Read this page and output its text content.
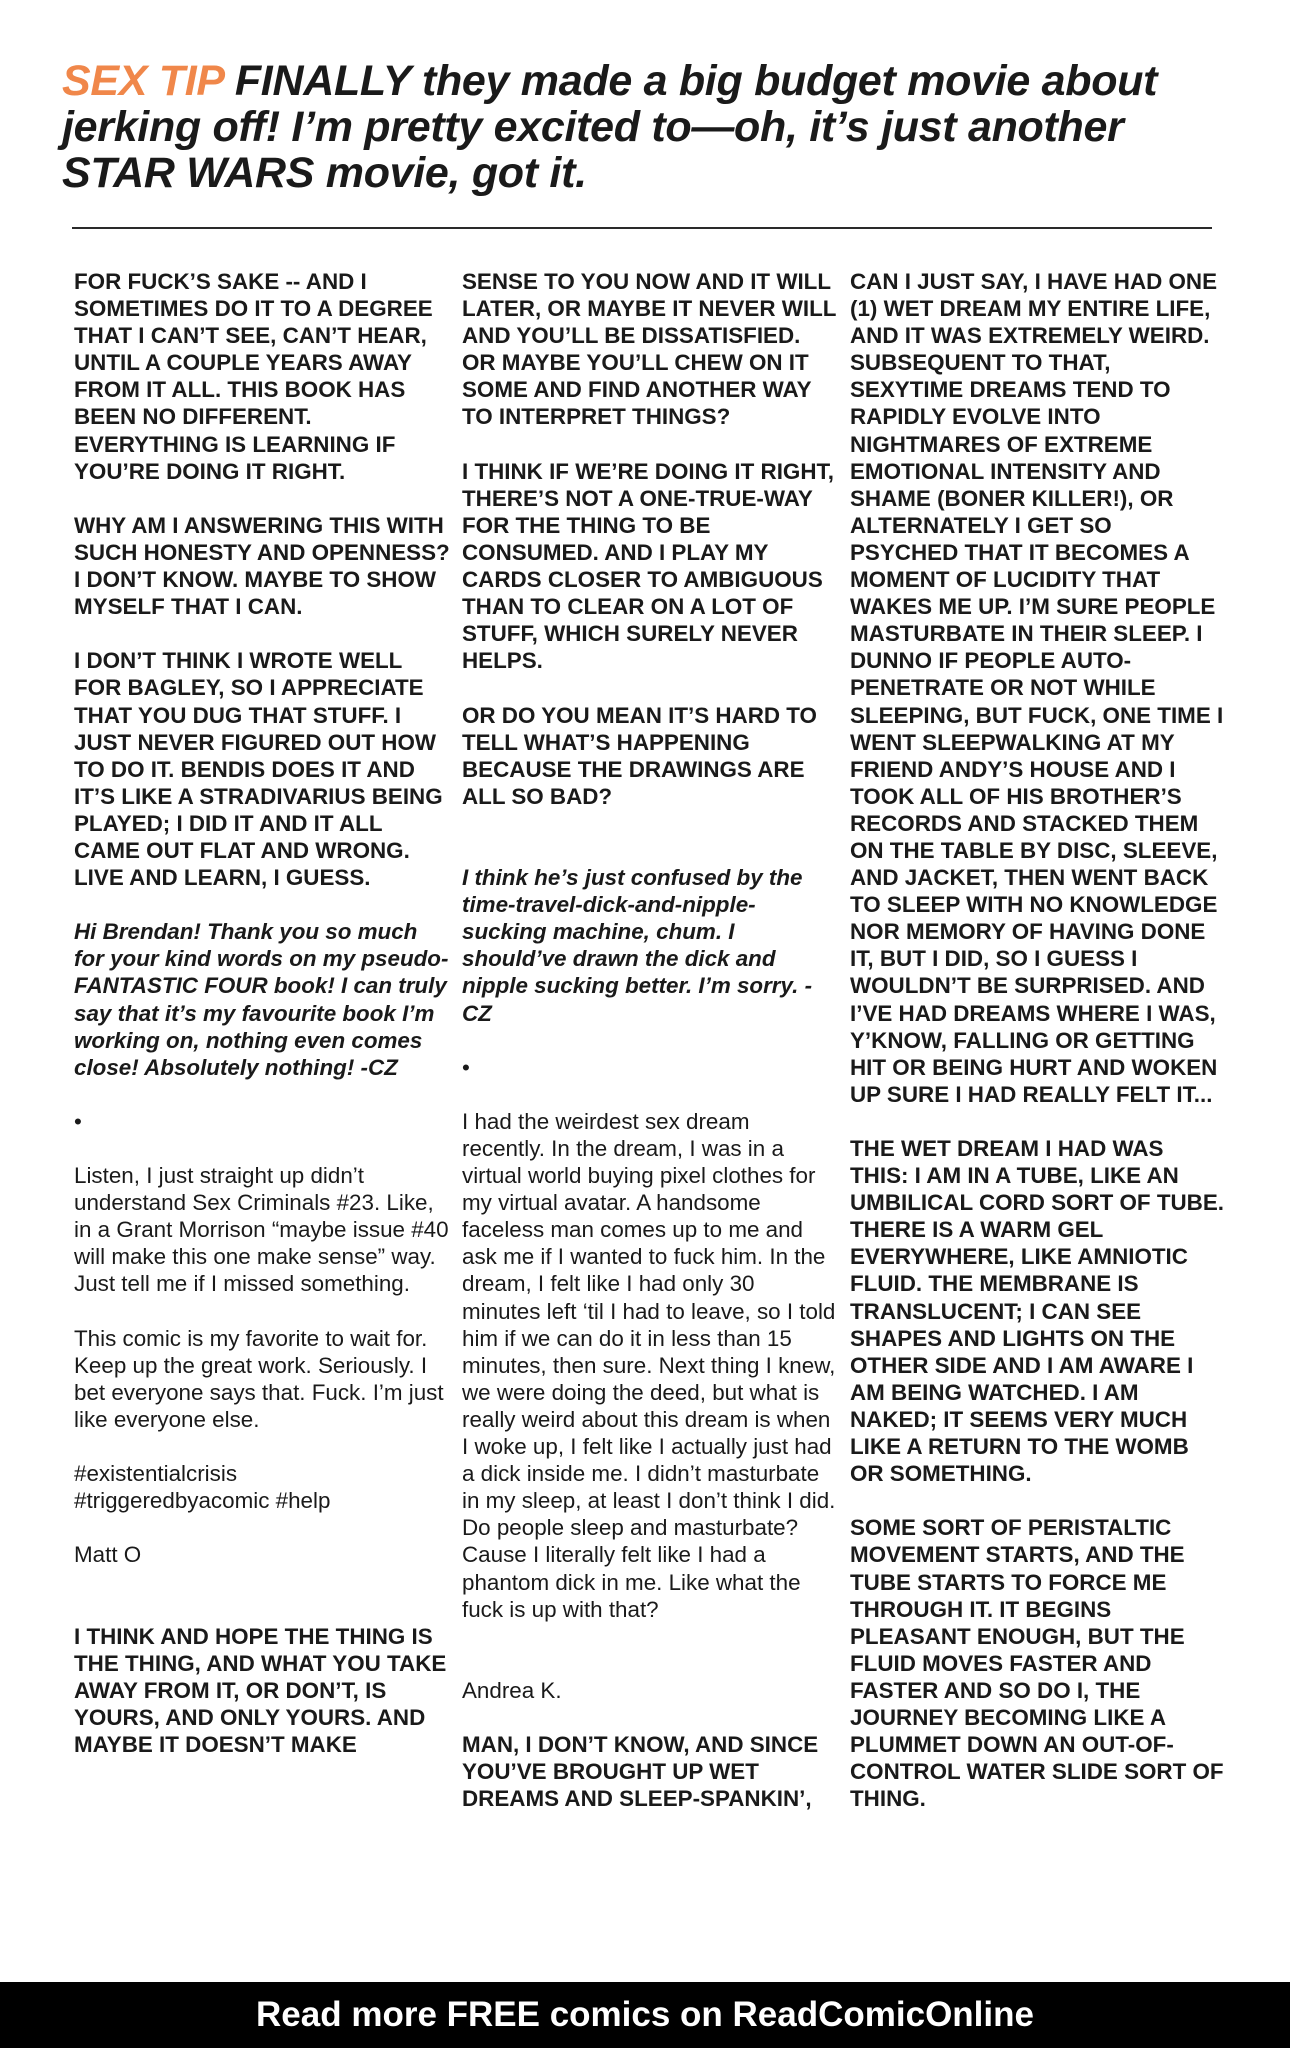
SEX TIP FINALLY they made a big budget movie about jerking off! I’m pretty excited to—oh, it’s just another STAR WARS movie, got it.

FOR FUCK’S SAKE -- AND I SOMETIMES DO IT TO A DEGREE THAT I CAN’T SEE, CAN’T HEAR, UNTIL A COUPLE YEARS AWAY FROM IT ALL. THIS BOOK HAS BEEN NO DIFFERENT. EVERYTHING IS LEARNING IF YOU’RE DOING IT RIGHT.

WHY AM I ANSWERING THIS WITH SUCH HONESTY AND OPENNESS? I DON’T KNOW. MAYBE TO SHOW MYSELF THAT I CAN.

I DON’T THINK I WROTE WELL FOR BAGLEY, SO I APPRECIATE THAT YOU DUG THAT STUFF. I JUST NEVER FIGURED OUT HOW TO DO IT. BENDIS DOES IT AND IT’S LIKE A STRADIVARIUS BEING PLAYED; I DID IT AND IT ALL CAME OUT FLAT AND WRONG. LIVE AND LEARN, I GUESS.

Hi Brendan! Thank you so much for your kind words on my pseudo-FANTASTIC FOUR book! I can truly say that it’s my favourite book I’m working on, nothing even comes close! Absolutely nothing! -CZ

•

Listen, I just straight up didn’t understand Sex Criminals #23. Like, in a Grant Morrison “maybe issue #40 will make this one make sense” way. Just tell me if I missed something.

This comic is my favorite to wait for. Keep up the great work. Seriously. I bet everyone says that. Fuck. I’m just like everyone else.

#existentialcrisis
#triggeredbyacomic #help

Matt O

I THINK AND HOPE THE THING IS THE THING, AND WHAT YOU TAKE AWAY FROM IT, OR DON’T, IS YOURS, AND ONLY YOURS. AND MAYBE IT DOESN’T MAKE

SENSE TO YOU NOW AND IT WILL LATER, OR MAYBE IT NEVER WILL AND YOU’LL BE DISSATISFIED. OR MAYBE YOU’LL CHEW ON IT SOME AND FIND ANOTHER WAY TO INTERPRET THINGS?

I THINK IF WE’RE DOING IT RIGHT, THERE’S NOT A ONE-TRUE-WAY FOR THE THING TO BE CONSUMED. AND I PLAY MY CARDS CLOSER TO AMBIGUOUS THAN TO CLEAR ON A LOT OF STUFF, WHICH SURELY NEVER HELPS.

OR DO YOU MEAN IT’S HARD TO TELL WHAT’S HAPPENING BECAUSE THE DRAWINGS ARE ALL SO BAD?

I think he’s just confused by the time-travel-dick-and-nipple-sucking machine, chum. I should’ve drawn the dick and nipple sucking better. I’m sorry. -CZ

•

I had the weirdest sex dream recently. In the dream, I was in a virtual world buying pixel clothes for my virtual avatar. A handsome faceless man comes up to me and ask me if I wanted to fuck him. In the dream, I felt like I had only 30 minutes left ‘til I had to leave, so I told him if we can do it in less than 15 minutes, then sure. Next thing I knew, we were doing the deed, but what is really weird about this dream is when I woke up, I felt like I actually just had a dick inside me. I didn’t masturbate in my sleep, at least I don’t think I did. Do people sleep and masturbate? Cause I literally felt like I had a phantom dick in me. Like what the fuck is up with that?

Andrea K.

MAN, I DON’T KNOW, AND SINCE YOU’VE BROUGHT UP WET DREAMS AND SLEEP-SPANKIN’,

CAN I JUST SAY, I HAVE HAD ONE (1) WET DREAM MY ENTIRE LIFE, AND IT WAS EXTREMELY WEIRD. SUBSEQUENT TO THAT, SEXYTIME DREAMS TEND TO RAPIDLY EVOLVE INTO NIGHTMARES OF EXTREME EMOTIONAL INTENSITY AND SHAME (BONER KILLER!), OR ALTERNATELY I GET SO PSYCHED THAT IT BECOMES A MOMENT OF LUCIDITY THAT WAKES ME UP. I’M SURE PEOPLE MASTURBATE IN THEIR SLEEP. I DUNNO IF PEOPLE AUTO-PENETRATE OR NOT WHILE SLEEPING, BUT FUCK, ONE TIME I WENT SLEEPWALKING AT MY FRIEND ANDY’S HOUSE AND I TOOK ALL OF HIS BROTHER’S RECORDS AND STACKED THEM ON THE TABLE BY DISC, SLEEVE, AND JACKET, THEN WENT BACK TO SLEEP WITH NO KNOWLEDGE NOR MEMORY OF HAVING DONE IT, BUT I DID, SO I GUESS I WOULDN’T BE SURPRISED. AND I’VE HAD DREAMS WHERE I WAS, Y’KNOW, FALLING OR GETTING HIT OR BEING HURT AND WOKEN UP SURE I HAD REALLY FELT IT...

THE WET DREAM I HAD WAS THIS: I AM IN A TUBE, LIKE AN UMBILICAL CORD SORT OF TUBE. THERE IS A WARM GEL EVERYWHERE, LIKE AMNIOTIC FLUID. THE MEMBRANE IS TRANSLUCENT; I CAN SEE SHAPES AND LIGHTS ON THE OTHER SIDE AND I AM AWARE I AM BEING WATCHED. I AM NAKED; IT SEEMS VERY MUCH LIKE A RETURN TO THE WOMB OR SOMETHING.

SOME SORT OF PERISTALTIC MOVEMENT STARTS, AND THE TUBE STARTS TO FORCE ME THROUGH IT. IT BEGINS PLEASANT ENOUGH, BUT THE FLUID MOVES FASTER AND FASTER AND SO DO I, THE JOURNEY BECOMING LIKE A PLUMMET DOWN AN OUT-OF-CONTROL WATER SLIDE SORT OF THING.

Read more FREE comics on ReadComicOnline
